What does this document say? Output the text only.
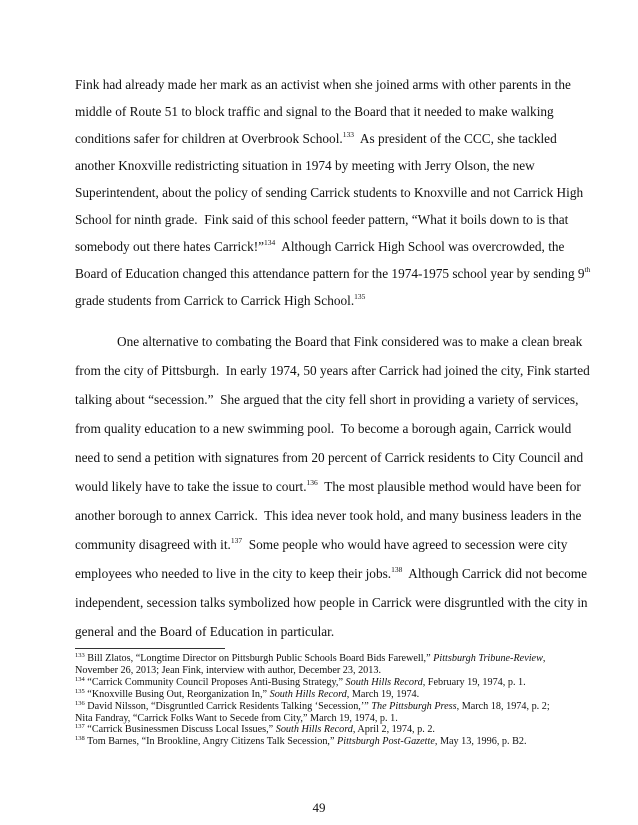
Fink had already made her mark as an activist when she joined arms with other parents in the
middle of Route 51 to block traffic and signal to the Board that it needed to make walking
conditions safer for children at Overbrook School.$^{133}$  As president of the CCC, she tackled
another Knoxville redistricting situation in 1974 by meeting with Jerry Olson, the new
Superintendent, about the policy of sending Carrick students to Knoxville and not Carrick High
School for ninth grade.  Fink said of this school feeder pattern, “What it boils down to is that
somebody out there hates Carrick!”$^{134}$  Although Carrick High School was overcrowded, the
Board of Education changed this attendance pattern for the 1974-1975 school year by sending 9th
grade students from Carrick to Carrick High School.$^{135}$
One alternative to combating the Board that Fink considered was to make a clean break
from the city of Pittsburgh.  In early 1974, 50 years after Carrick had joined the city, Fink started
talking about “secession.”  She argued that the city fell short in providing a variety of services,
from quality education to a new swimming pool.  To become a borough again, Carrick would
need to send a petition with signatures from 20 percent of Carrick residents to City Council and
would likely have to take the issue to court.$^{136}$  The most plausible method would have been for
another borough to annex Carrick.  This idea never took hold, and many business leaders in the
community disagreed with it.$^{137}$  Some people who would have agreed to secession were city
employees who needed to live in the city to keep their jobs.$^{138}$  Although Carrick did not become
independent, secession talks symbolized how people in Carrick were disgruntled with the city in
general and the Board of Education in particular.
$^{133}$ Bill Zlatos, “Longtime Director on Pittsburgh Public Schools Board Bids Farewell,” Pittsburgh Tribune-Review,
November 26, 2013; Jean Fink, interview with author, December 23, 2013.
$^{134}$ “Carrick Community Council Proposes Anti-Busing Strategy,” South Hills Record, February 19, 1974, p. 1.
$^{135}$ “Knoxville Busing Out, Reorganization In,” South Hills Record, March 19, 1974.
$^{136}$ David Nilsson, “Disgruntled Carrick Residents Talking ‘Secession,’” The Pittsburgh Press, March 18, 1974, p. 2;
Nita Fandray, “Carrick Folks Want to Secede from City,” March 19, 1974, p. 1.
$^{137}$ “Carrick Businessmen Discuss Local Issues,” South Hills Record, April 2, 1974, p. 2.
$^{138}$ Tom Barnes, “In Brookline, Angry Citizens Talk Secession,” Pittsburgh Post-Gazette, May 13, 1996, p. B2.
49
